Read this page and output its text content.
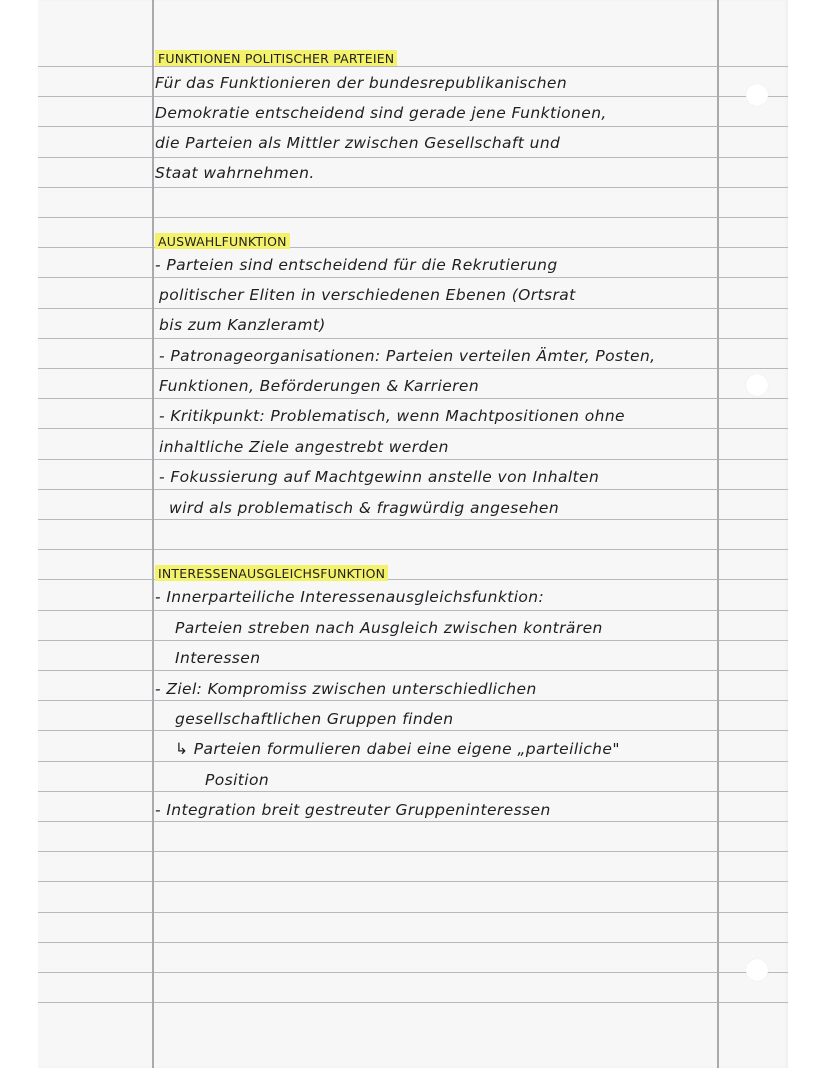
FUNKTIONEN POLITISCHER PARTEIEN
Für das Funktionieren der bundesrepublikanischen
Demokratie entscheidend sind gerade jene Funktionen,
die Parteien als Mittler zwischen Gesellschaft und
Staat wahrnehmen.
AUSWAHLFUNKTION
- Parteien sind entscheidend für die Rekrutierung
politischer Eliten in verschiedenen Ebenen (Ortsrat
bis zum Kanzleramt)
- Patronageorganisationen: Parteien verteilen Ämter, Posten,
Funktionen, Beförderungen & Karrieren
- Kritikpunkt: Problematisch, wenn Machtpositionen ohne
inhaltliche Ziele angestrebt werden
- Fokussierung auf Machtgewinn anstelle von Inhalten
wird als problematisch & fragwürdig angesehen
INTERESSENAUSGLEICHSFUNKTION
- Innerparteiliche Interessenausgleichsfunktion:
Parteien streben nach Ausgleich zwischen konträren
Interessen
- Ziel: Kompromiss zwischen unterschiedlichen
gesellschaftlichen Gruppen finden
↳ Parteien formulieren dabei eine eigene „parteiliche"
Position
- Integration breit gestreuter Gruppeninteressen
